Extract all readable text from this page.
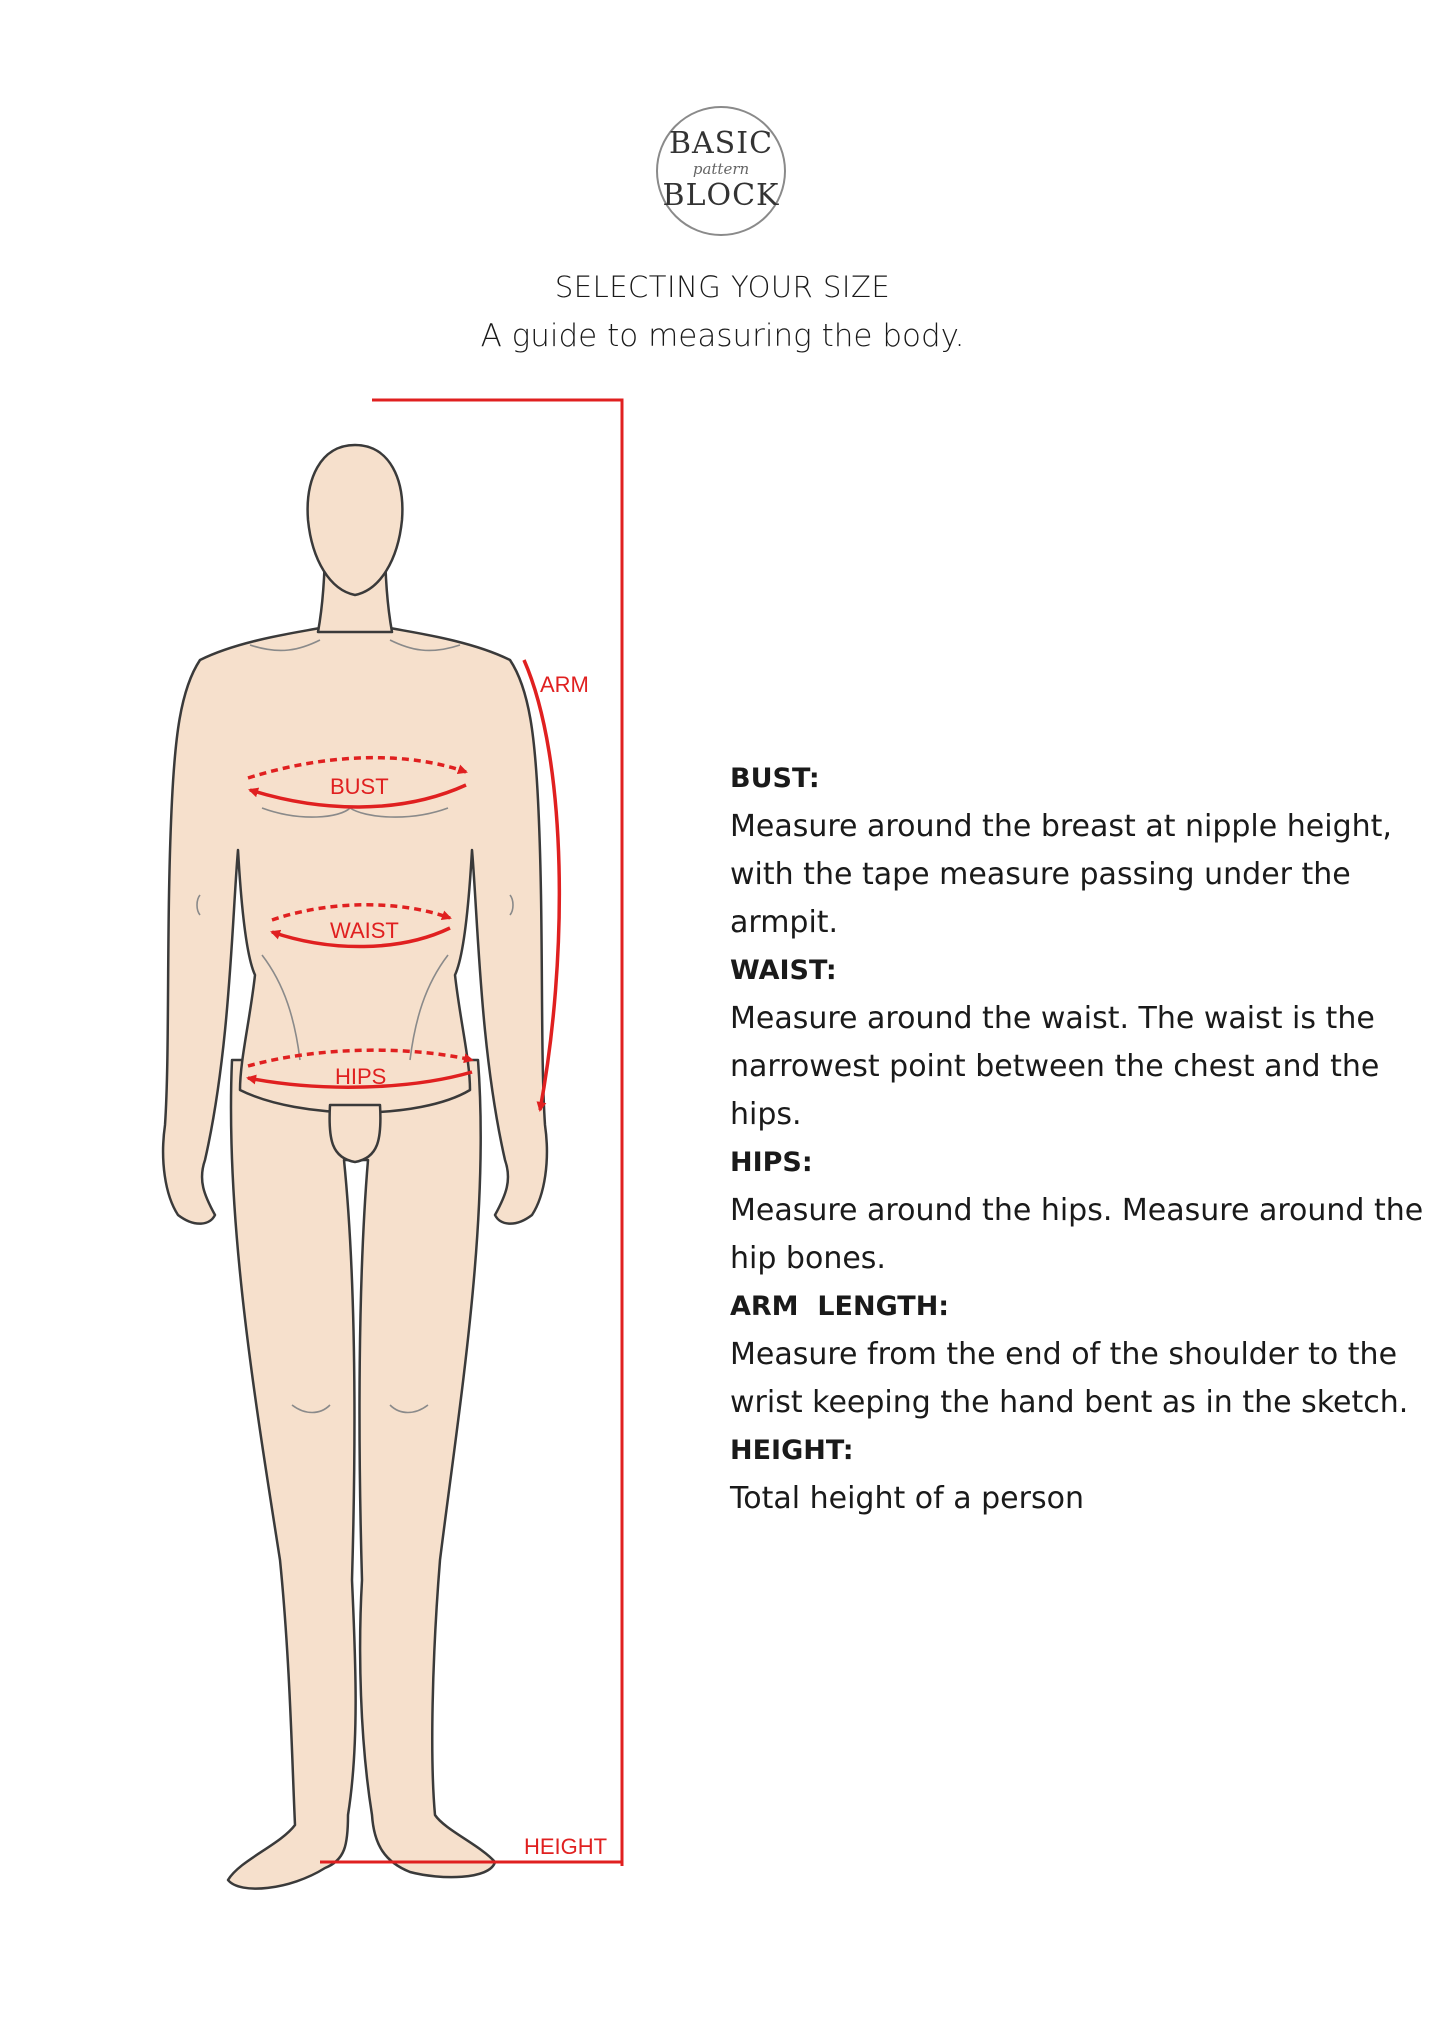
BASIC
pattern
BLOCK
SELECTING YOUR SIZE
A guide to measuring the body.
ARM
BUST
WAIST
HIPS
HEIGHT
BUST:
Measure around the breast at nipple height, with the tape measure passing under the armpit.
WAIST:
Measure around the waist. The waist is the narrowest point between the chest and the hips.
HIPS:
Measure around the hips. Measure around the hip bones.
ARM  LENGTH:
Measure from the end of the shoulder to the wrist keeping the hand bent as in the sketch.
HEIGHT:
Total height of a person
